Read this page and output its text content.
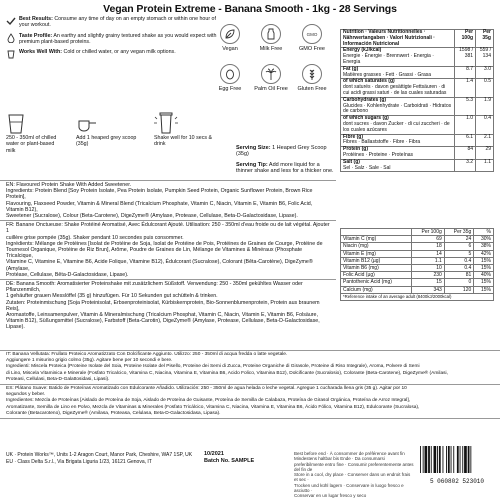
Vegan Protein Extreme - Banana Smooth - 1kg - 28 Servings
Best Results: Consume any time of day on an empty stomach or within one hour of your workout.
Taste Profile: An earthy and slightly grainy textured shake as you would expect with premium plant-based proteins.
Works Well With: Cold or chilled water, or any vegan milk options.
Vegan	Milk Free
GMO
GMO Free
Egg Free	Palm Oil Free	Gluten Free
250 - 350ml of chilled water or plant-based milk
Add 1 heaped grey scoop (35g)
Shake well for 10 secs & drink
Serving Size: 1 Heaped Grey Scoop (35g)
Serving Tip: Add more liquid for a thinner shake and less for a thicker one.
EN: Flavoured Protein Shake With Added Sweetener.
Ingredients: Protein Blend [Soy Protein Isolate, Pea Protein Isolate, Pumpkin Seed Protein, Organic Sunflower Protein, Brown Rice Protein],
Flavouring, Flaxseed Powder, Vitamin & Mineral Blend (Tricalcium Phosphate, Vitamin C, Niacin, Vitamin E, Vitamin B6, Folic Acid, Vitamin B12),
Sweetener (Sucralose), Colour (Beta-Carotene), DigeZyme® (Amylase, Protease, Cellulase, Beta-D-Galactosidase, Lipase).
FR: Banane Onctueuse: Shake Protéiné Aromatisé, Avec Édulcorant Ajouté. Utilisation: 250 - 350ml d'eau froide ou de lait végétal. Ajouter 1
cuillère grise pompée (35g). Shaker pendant 10 secondes puis consommer.
Ingrédients: Mélange de Protéines [Isolat de Protéine de Soja, Isolat de Protéine de Pois, Protéines de Graines de Courge, Protéine de
Tournesol Organique, Protéine de Riz Brun], Arôme, Poudre de Graines de Lin, Mélange de Vitamines & Minéraux (Phosphate Tricalcique,
Vitamine C, Vitamine E, Vitamine B6, Acide Folique, Vitamine B12), Édulcorant (Sucralose), Colorant (Bêta-Carotène), DigeZyme® (Amylase,
Protéase, Cellulase, Bêta-D-Galactosidase, Lipase).
DE: Banana Smooth: Aromatisierter Proteinshake mit zusätzlichem Süßstoff. Verwendung: 250 - 350ml gekühltes Wasser oder Pflanzenmilch,
1 gehäufter grauen Messlöffel (35 g) hinzufügen. Für 10 Sekunden gut schütteln & trinken.
Zutaten: Proteinmischung [Soja Proteinisolat, Erbsenproteinisolat, Kürbiskernprotein, Bio-Sonnenblumenprotein, Protein aus braunem Reis],
Aromastoffe, Leinsamenpulver, Vitamin & Mineralmischung (Tricalcium Phosphat, Vitamin C, Niacin, Vitamin E, Vitamin B6, Folsäure,
Vitamin B12), Süßungsmittel (Sucralose), Farbstoff (Beta-Carotin), DigeZyme® (Amylase, Protease, Cellulase, Beta-D-Galactosidase, Lipase).
IT: Banana Vellutata: Frullato Proteico Aromatizzato Con Dolcificante Aggiunto. Utilizzo: 250 - 350ml di acqua fredda o latte vegetale.
Aggiungere 1 misurino grigio colmo (35g). Agitare bene per 10 secondi e bere.
Ingredienti: Miscela Proteica (Proteine Isolate del Soia, Proteine Isolate del Pisello, Proteine dei Semi di Zucca, Proteine Organiche di Girasole, Proteine di Riso Integrale), Aroma, Polvere di Semi
di Lino, Miscela Vitaminica e Minerale (Fosfato Tricalcico, Vitamina C, Niacina, Vitamina E, Vitamina B6, Acido Folico, Vitamina B12), Dolcificante (Sucralosio), Colorante (Beta-Carotene), DigeZyme® (Amilasi,
Proteasi, Cellulasi, Beta-D-Galattosidasi, Lipasi).
ES: Plátano Suave: Batido de Proteínas Aromatizado con Edulcorante Añadido. Utilización: 250 - 350ml de agua helada o leche vegetal. Agregue 1 cucharada llena gris (35 g). Agitar por 10
segundos y beber.
Ingredientes: Mezcla de Proteínas [Aislado de Proteína de Soja, Aislado de Proteína de Guisante, Proteína de Semilla de Calabaza, Proteína de Girasol Orgánica, Proteína de Arroz Integral],
Aromatizante, Semilla de Lino en Polvo, Mezcla de Vitaminas & Minerales (Fosfato Tricálcico, Vitamina C, Niacina, Vitamina E, Vitamina B6, Ácido Fólico, Vitamina B12), Edulcorante (Sucralosa),
Colorante (Betacaroteno), DigeZyme® (Amilasa, Proteasa, Celulasa, Beta-D-Galactosidasa, Lipasa).
Nutrition · Valeurs Nutritionnelles · Nährwertangaben · Valori Nutrizionali · Información Nutricional	Per 100g	Per 35g
Energy (kJ/kcal)
Energie · Énergie · Brennwert · Energia · Energia	1598 / 381	559 / 134
Fat (g)
Matières grasses · Fett · Grassi · Grasa	8.7	3.0
of which saturates (g)
dont saturés · davon gesättigte Fettsäuren · di cui acidi grassi saturi · de las cuales saturadas	1.4	0.5
Carbohydrates (g)
Glucides · Kohlenhydrate · Carboidrati · Hidratos de carbono	5.3	1.9
of which sugars (g)
dont sucres · davon Zucker · di cui zuccheri · de los cuales azúcares	1.0	0.4
Fibre (g)
Fibres · Ballaststoffe · Fibre · Fibra	6.1	2.1
Protein (g)
Protéines · Proteine · Proteínas	84	29
Salt (g)
Sel · Salz · Sale · Sal	3.2	1.1
	Per 100g	Per 35g	%
Vitamin C (mg)	69	24	30%
Niacin (mg)	18	6	38%
Vitamin E (mg)	14	5	42%
Vitamin B12 (µg)	1.1	0.4	15%
Vitamin B6 (mg)	10	0.4	15%
Folic Acid (µg)	230	81	40%
Pantothenic Acid (mg)	15	0	15%
Calcium (mg)	343	120	15%
*Reference intake of an average adult (8400kJ/2000kcal)			
UK · Protein Works™, Units 1-2 Aragon Court, Manor Park, Cheshire, WA7 1SP, UK
EU · Class Delta S.r.l., Via Brigata Liguria 1/23, 16121 Genova, IT
10/2021
Batch No. SAMPLE
Best before end · À consommer de préférence avant fin
Mindestens haltbar bis Ende · Da consumarsi
preferibilmente entro fine · Consumir preferentemente antes del fin de
Store in a cool, dry place · Conserver dans un endroit frais et sec ·
Trocken und kühl lagern · Conservare in luogo fresco e asciutto ·
Conservar en un lugar fresco y seco
5 060802 523010
